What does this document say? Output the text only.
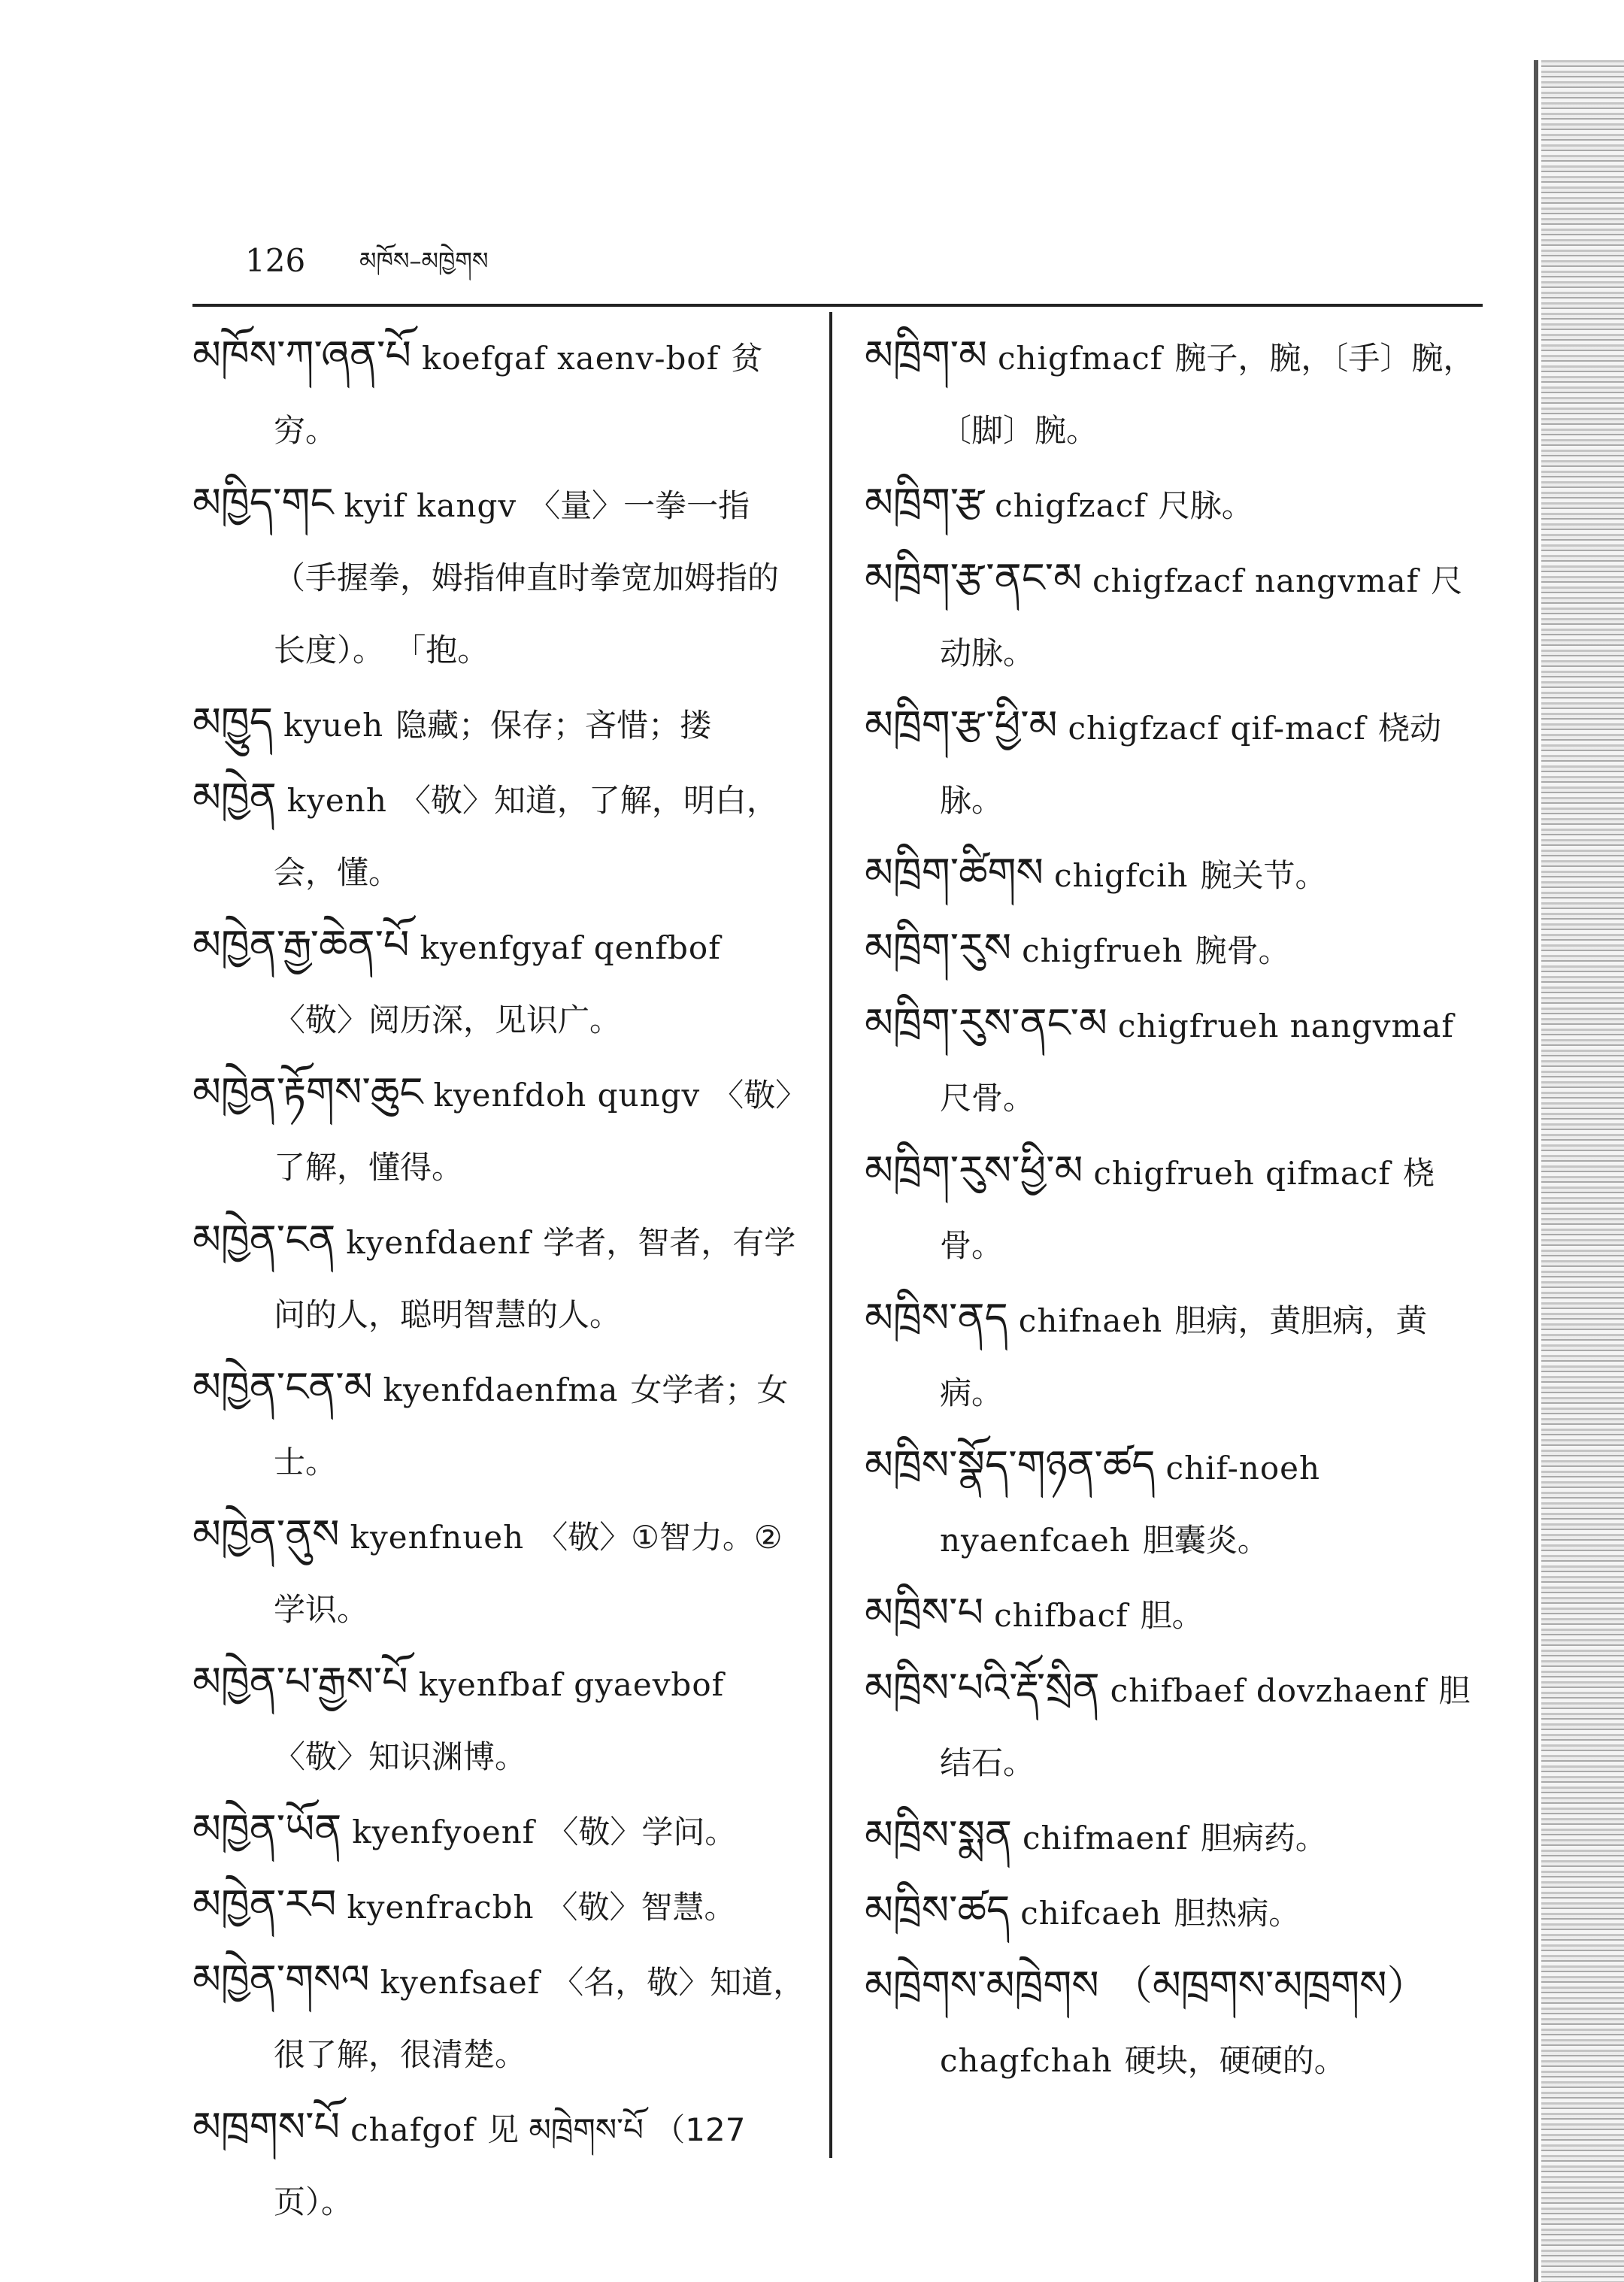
126 མཁོས–མཁྱེགས
མཁོས་ཀ་ཞན་པོ koefgaf xaenv-bof 贫穷。
མཁྱིད་གང kyif kangv 〈量〉一拳一指（手握拳，姆指伸直时拳宽加姆指的长度）。 「抱。
མཁྱུད kyueh 隐藏；保存；吝惜；搂
མཁྱེན kyenh 〈敬〉知道，了解，明白，会，懂。
མཁྱེན་རྒྱ་ཆེན་པོ kyenfgyaf qenfbof〈敬〉阅历深，见识广。
མཁྱེན་རྟོགས་ཆུང kyenfdoh qungv 〈敬〉了解，懂得。
མཁྱེན་ངན kyenfdaenf 学者，智者，有学问的人，聪明智慧的人。
མཁྱེན་ངན་མ kyenfdaenfma 女学者；女士。
མཁྱེན་ནུས kyenfnueh 〈敬〉①智力。②学识。
མཁྱེན་པ་རྒྱས་པོ kyenfbaf gyaevbof〈敬〉知识渊博。
མཁྱེན་ཡོན kyenfyoenf 〈敬〉学问。
མཁྱེན་རབ kyenfracbh 〈敬〉智慧。
མཁྱེན་གསལ kyenfsaef 〈名，敬〉知道，很了解，很清楚。
མཁྲགས་པོ chafgof 见 མཁྲེགས་པོ （127页）。
མཁྲིག་མ chigfmacf 腕子，腕，〔手〕腕，〔脚〕腕。
མཁྲིག་རྩ chigfzacf 尺脉。
མཁྲིག་རྩ་ནང་མ chigfzacf nangvmaf 尺动脉。
མཁྲིག་རྩ་ཕྱི་མ chigfzacf qif-macf 桡动脉。
མཁྲིག་ཚིགས chigfcih 腕关节。
མཁྲིག་རུས chigfrueh 腕骨。
མཁྲིག་རུས་ནང་མ chigfrueh nangvmaf尺骨。
མཁྲིག་རུས་ཕྱི་མ chigfrueh qifmacf 桡骨。
མཁྲིས་ནད chifnaeh 胆病，黄胆病，黄病。
མཁྲིས་སྣོད་གཉན་ཚད chif-noeh nyaenfcaeh 胆囊炎。
མཁྲིས་པ chifbacf 胆。
མཁྲིས་པའི་རྡོ་སྲིན chifbaef dovzhaenf 胆结石。
མཁྲིས་སྨན chifmaenf 胆病药。
མཁྲིས་ཚད chifcaeh 胆热病。
མཁྲེགས་མཁྲེགས （མཁྲགས་མཁྲགས）chagfchah 硬块，硬硬的。
